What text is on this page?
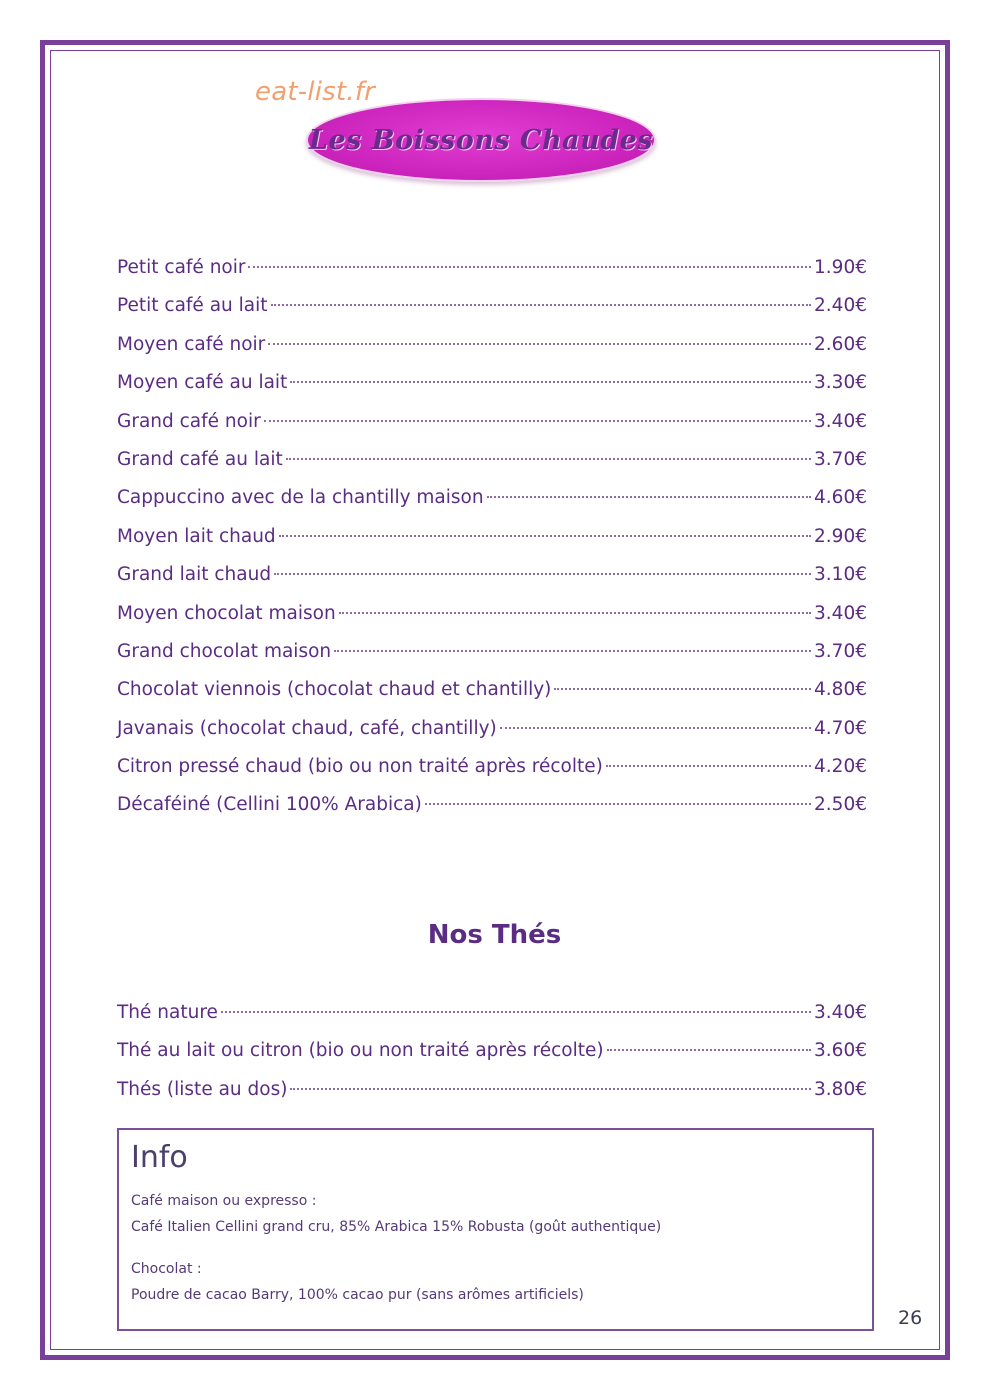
Les Boissons Chaudes
eat-list.fr
Petit café noir	1.90€
Petit café au lait	2.40€
Moyen café noir	2.60€
Moyen café au lait	3.30€
Grand café noir	3.40€
Grand café au lait	3.70€
Cappuccino avec de la chantilly maison	4.60€
Moyen lait chaud	2.90€
Grand lait chaud	3.10€
Moyen chocolat maison	3.40€
Grand chocolat maison	3.70€
Chocolat viennois (chocolat chaud et chantilly)	4.80€
Javanais (chocolat chaud, café, chantilly)	4.70€
Citron pressé chaud (bio ou non traité après récolte)	4.20€
Décaféiné (Cellini 100% Arabica)	2.50€
Nos Thés
Thé nature	3.40€
Thé au lait ou citron (bio ou non traité après récolte)	3.60€
Thés (liste au dos)	3.80€
Info
Café maison ou expresso :
Café Italien Cellini grand cru, 85% Arabica 15% Robusta (goût authentique)
Chocolat :
Poudre de cacao Barry, 100% cacao pur (sans arômes artificiels)
26
